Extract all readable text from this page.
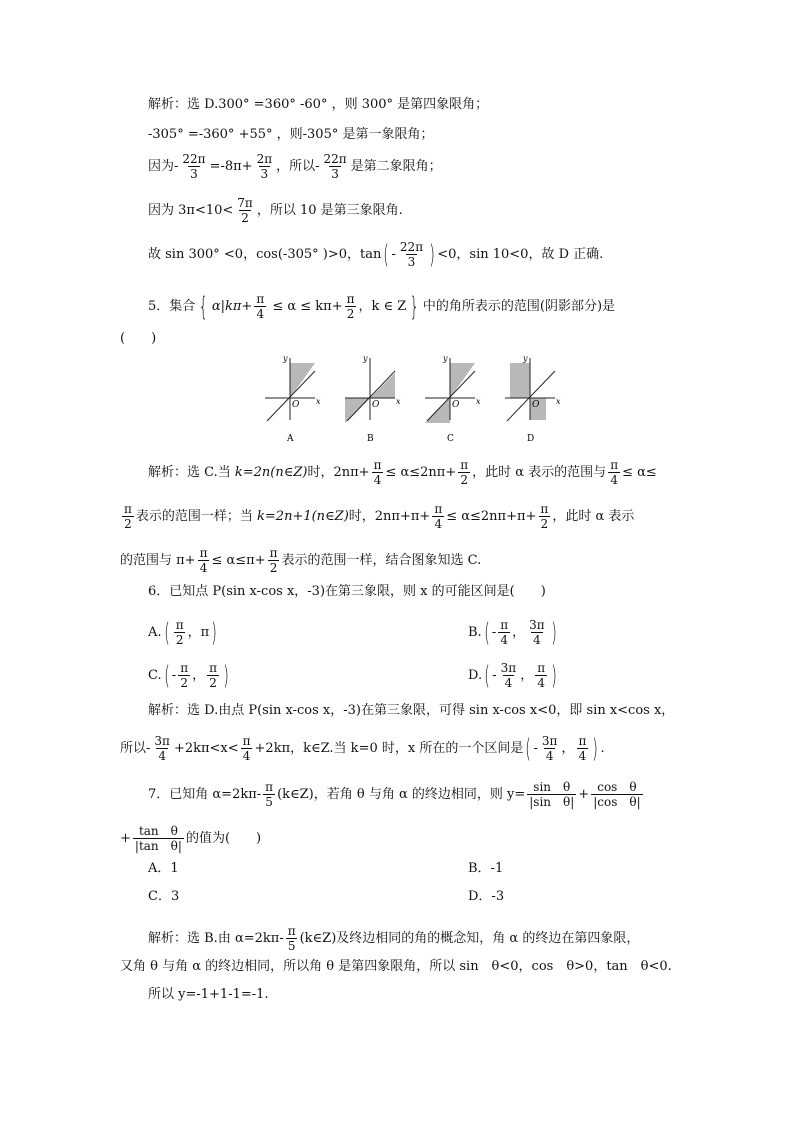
解析：选 D.300° =360° -60° ，则 300° 是第四象限角；
-305° =-360° +55° ，则-305° 是第一象限角；
因为- $\frac{22\pi}{3} =-8\pi+ \frac{2\pi}{3}$ ，所以- $\frac{22\pi}{3}$ 是第二象限角；
因为 $3\pi<10< \frac{7\pi}{2}$ ，所以 10 是第三象限角.
故 sin 300° <0，cos(-305° )>0，$\tan( - \frac{22\pi}{3}$ ) <0，sin 10<0，故 D 正确.
5．集合 { $\alpha|k\pi+ \frac{\pi}{4} \le \alpha \le k\pi+ \frac{\pi}{2}$ ，k ∈ Z } 中的角所表示的范围(阴影部分)是
(　　)
y
x
O
A
y
x
O
B
y
x
O
C
y
x
O
D
解析：选 C.当 k=2n(n∈Z)时，$2n\pi+ \frac{\pi}{4} \le \alpha\le 2n\pi+ \frac{\pi}{2}$ ，此时 α 表示的范围与 $\frac{\pi}{4} \le \alpha\le$
$\frac{\pi}{2}$ 表示的范围一样；当 k=2n+1(n∈Z)时，$2n\pi+\pi+ \frac{\pi}{4} \le \alpha\le 2n\pi+\pi+ \frac{\pi}{2}$ ，此时 α 表示
的范围与 $\pi+ \frac{\pi}{4} \le \alpha\le\pi+ \frac{\pi}{2}$ 表示的范围一样，结合图象知选 C.
6．已知点 P(sin x-cos x，-3)在第三象限，则 x 的可能区间是(　　)
$A.( \frac{\pi}{2}$ ，π)	$B.( - \frac{\pi}{4}$ ， $\frac{3\pi}{4}$ )
$C.( - \frac{\pi}{2}$ ， $\frac{\pi}{2}$ )	$D.( - \frac{3\pi}{4}$ ， $\frac{\pi}{4}$ )
解析：选 D.由点 P(sin x-cos x，-3)在第三象限，可得 sin x-cos x<0，即 sin x<cos x，
所以- $\frac{3\pi}{4} +2k\pi<x< \frac{\pi}{4} +2k\pi$，k∈Z.当 k=0 时，x 所在的一个区间是( - $\frac{3\pi}{4}$ ， $\frac{\pi}{4}$ ) .
7．已知角 $\alpha=2k\pi- \frac{\pi}{5}$ (k∈Z)，若角 θ 与角 α 的终边相同，则 $y= \frac{\text{sin　θ}}{\text{|sin　θ|}} + \frac{\text{cos　θ}}{\text{|cos　θ|}}$
+ $\frac{\text{tan　θ}}{\text{|tan　θ|}}$ 的值为(　　)
A．1	B．-1
C．3	D．-3
解析：选 B.由 $\alpha=2k\pi- \frac{\pi}{5}$ (k∈Z)及终边相同的角的概念知，角 α 的终边在第四象限，
又角 θ 与角 α 的终边相同，所以角 θ 是第四象限角，所以 sin　θ<0，cos　θ>0，tan　θ<0.
所以 y=-1+1-1=-1.
